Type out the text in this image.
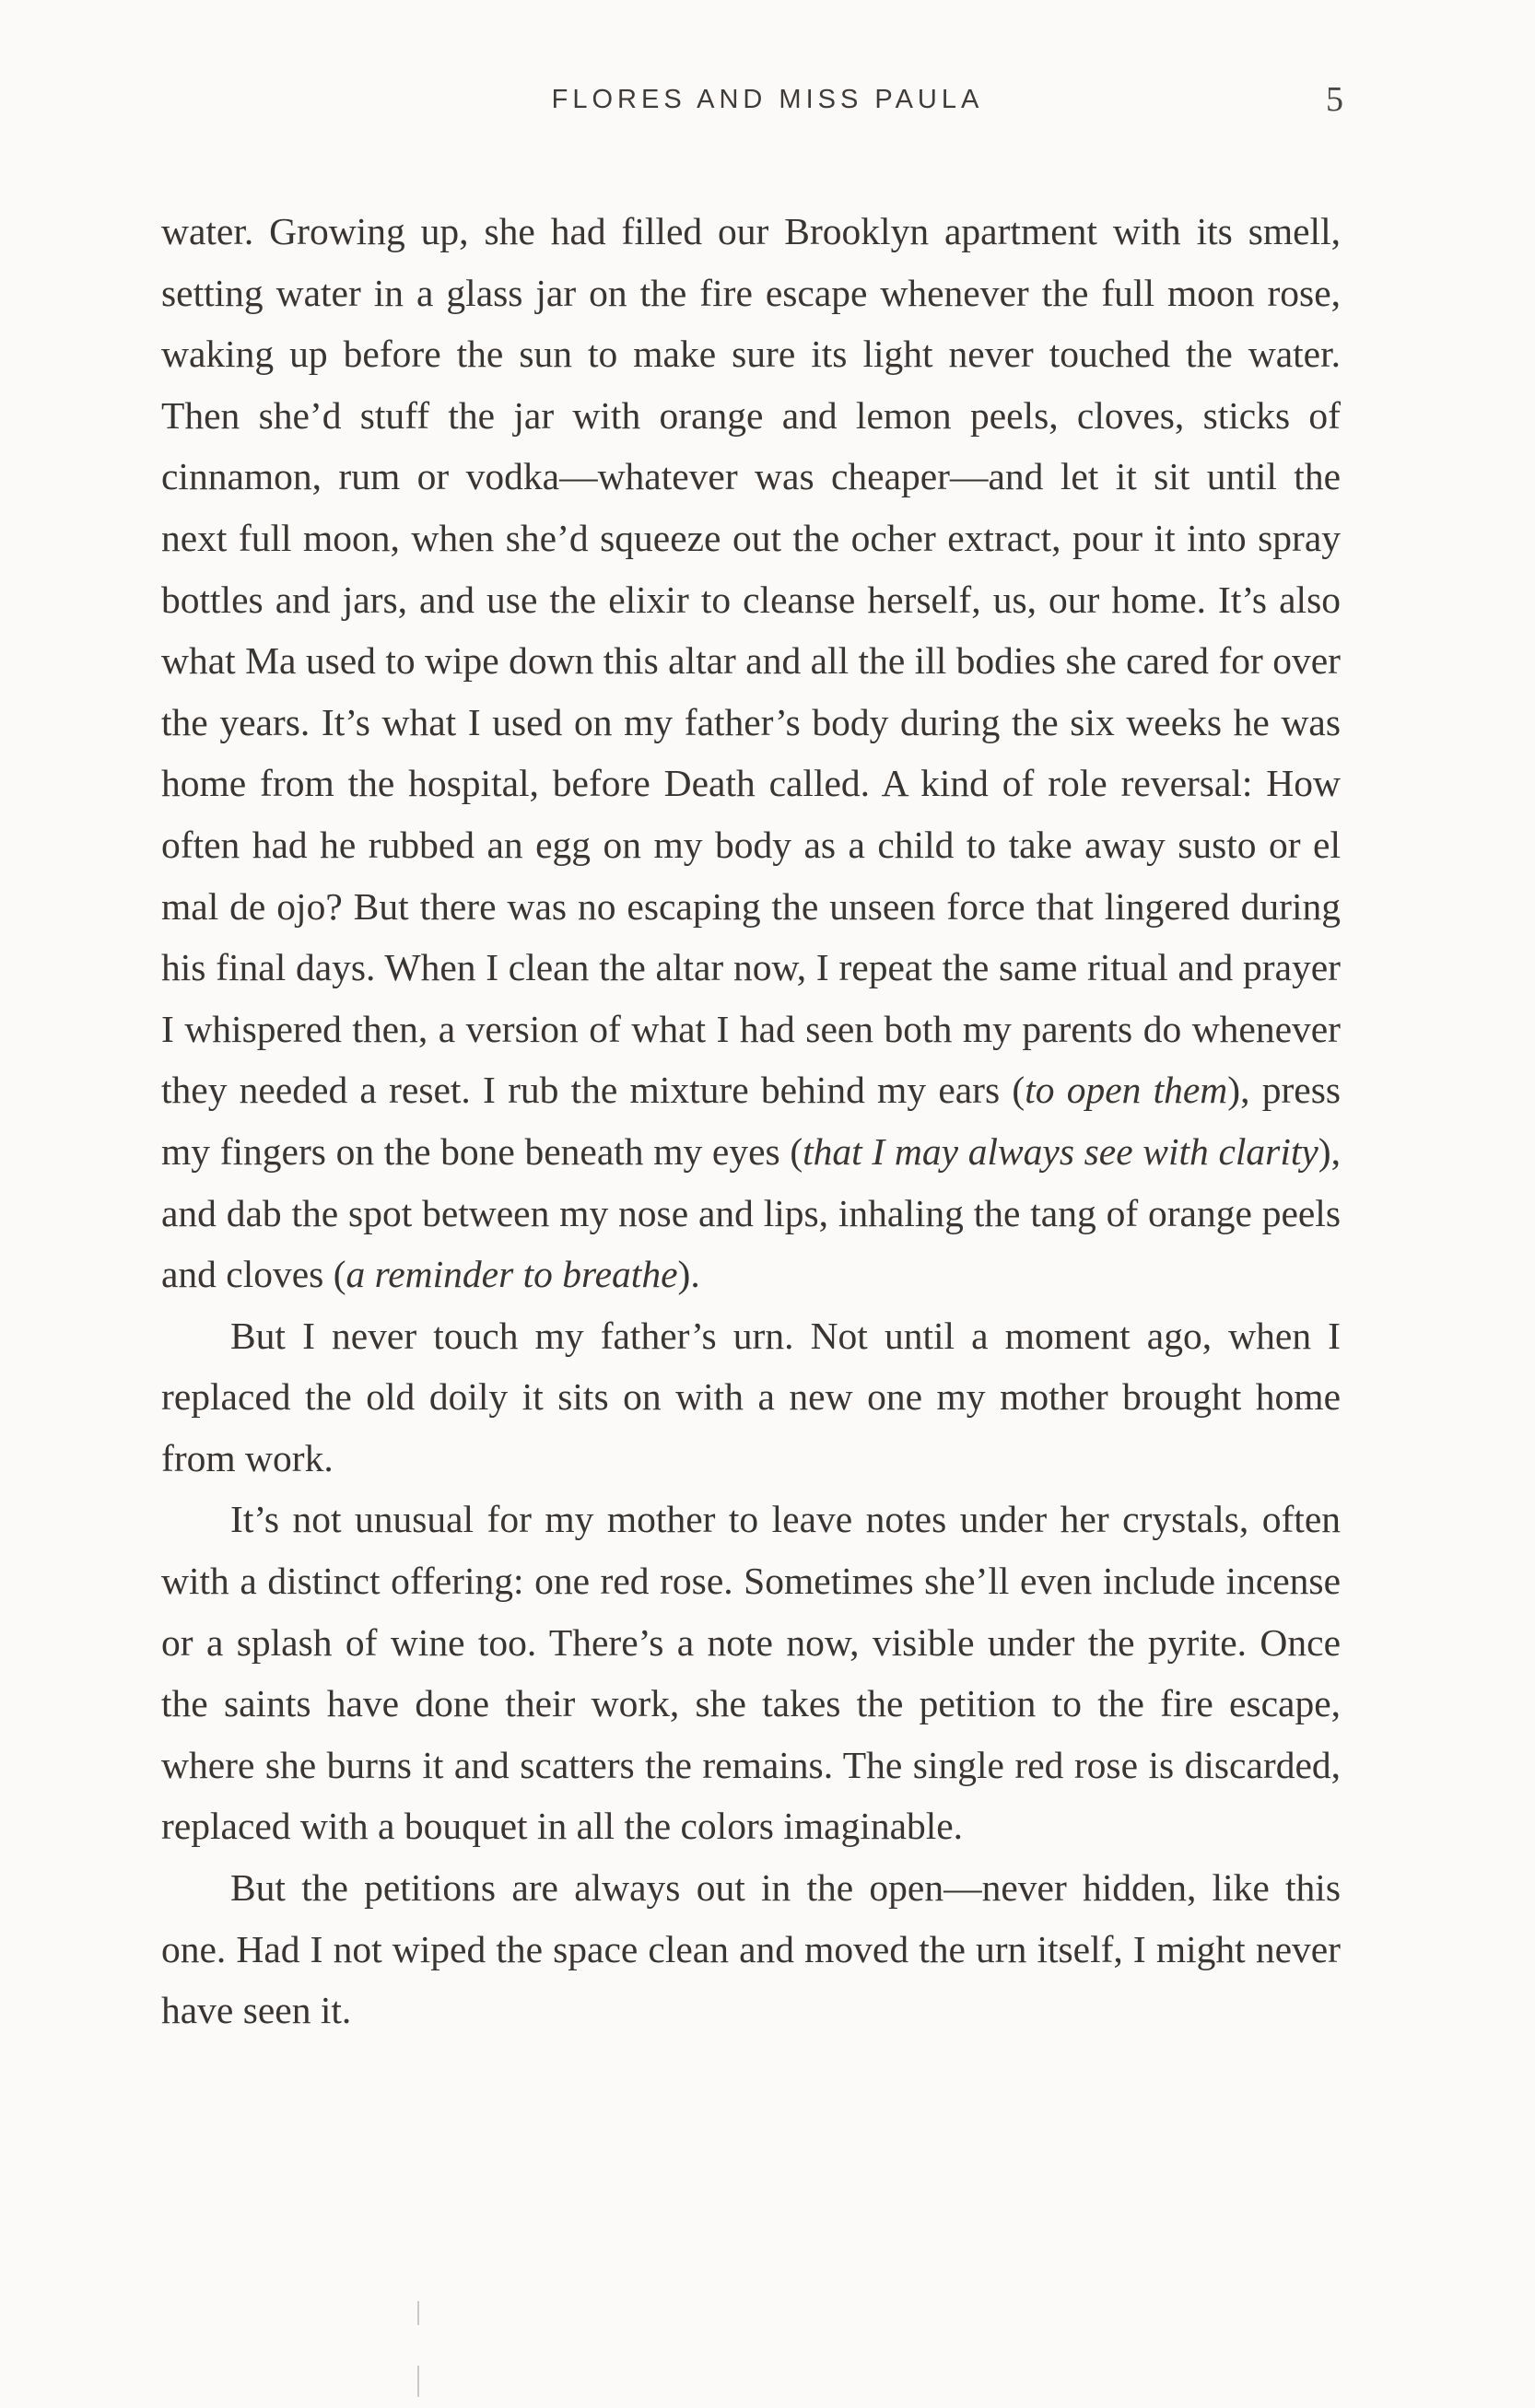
FLORES AND MISS PAULA	5

water. Growing up, she had filled our Brooklyn apartment with its smell, setting water in a glass jar on the fire escape whenever the full moon rose, waking up before the sun to make sure its light never touched the water. Then she’d stuff the jar with orange and lemon peels, cloves, sticks of cinnamon, rum or vodka—whatever was cheaper—and let it sit until the next full moon, when she’d squeeze out the ocher extract, pour it into spray bottles and jars, and use the elixir to cleanse herself, us, our home. It’s also what Ma used to wipe down this altar and all the ill bodies she cared for over the years. It’s what I used on my father’s body during the six weeks he was home from the hospital, before Death called. A kind of role reversal: How often had he rubbed an egg on my body as a child to take away susto or el mal de ojo? But there was no escaping the unseen force that lingered during his final days. When I clean the altar now, I repeat the same ritual and prayer I whispered then, a version of what I had seen both my parents do whenever they needed a reset. I rub the mixture behind my ears (to open them), press my fingers on the bone beneath my eyes (that I may always see with clarity), and dab the spot between my nose and lips, inhaling the tang of orange peels and cloves (a reminder to breathe).

But I never touch my father’s urn. Not until a moment ago, when I replaced the old doily it sits on with a new one my mother brought home from work.

It’s not unusual for my mother to leave notes under her crystals, often with a distinct offering: one red rose. Sometimes she’ll even include incense or a splash of wine too. There’s a note now, visible under the pyrite. Once the saints have done their work, she takes the petition to the fire escape, where she burns it and scatters the remains. The single red rose is discarded, replaced with a bouquet in all the colors imaginable.

But the petitions are always out in the open—never hidden, like this one. Had I not wiped the space clean and moved the urn itself, I might never have seen it.
